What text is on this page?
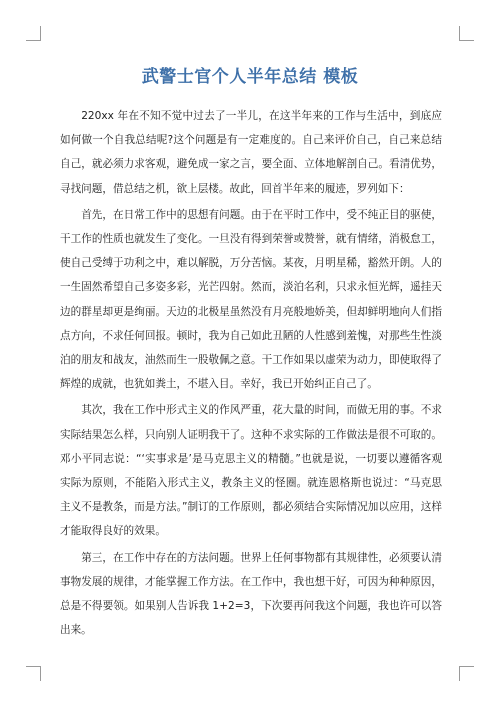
武警士官个人半年总结 模板

220xx 年在不知不觉中过去了一半儿，在这半年来的工作与生活中，到底应如何做一个自我总结呢?这个问题是有一定难度的。自己来评价自己，自己来总结自己，就必须力求客观，避免成一家之言，要全面、立体地解剖自己。看清优势，寻找问题，借总结之机，欲上层楼。故此，回首半年来的履迹，罗列如下：

首先，在日常工作中的思想有问题。由于在平时工作中，受不纯正目的驱使，干工作的性质也就发生了变化。一旦没有得到荣誉或赞誉，就有情绪，消极怠工，使自己受缚于功利之中，难以解脱，万分苦恼。某夜，月明星稀，豁然开朗。人的一生固然希望自己多姿多彩，光芒四射。然而，淡泊名利，只求永恒光辉，遥挂天边的群星却更是绚丽。天边的北极星虽然没有月亮般地娇美，但却鲜明地向人们指点方向，不求任何回报。顿时，我为自己如此丑陋的人性感到羞愧，对那些生性淡泊的朋友和战友，油然而生一股敬佩之意。干工作如果以虚荣为动力，即使取得了辉煌的成就，也犹如粪土，不堪入目。幸好，我已开始纠正自己了。

其次，我在工作中形式主义的作风严重，花大量的时间，而做无用的事。不求实际结果怎么样，只向别人证明我干了。这种不求实际的工作做法是很不可取的。邓小平同志说：“‘实事求是’是马克思主义的精髓。”也就是说，一切要以遵循客观实际为原则，不能陷入形式主义，教条主义的怪圈。就连恩格斯也说过：“马克思主义不是教条，而是方法。”制订的工作原则，都必须结合实际情况加以应用，这样才能取得良好的效果。

第三，在工作中存在的方法问题。世界上任何事物都有其规律性，必须要认清事物发展的规律，才能掌握工作方法。在工作中，我也想干好，可因为种种原因，总是不得要领。如果别人告诉我 1+2=3，下次要再问我这个问题，我也许可以答出来。
